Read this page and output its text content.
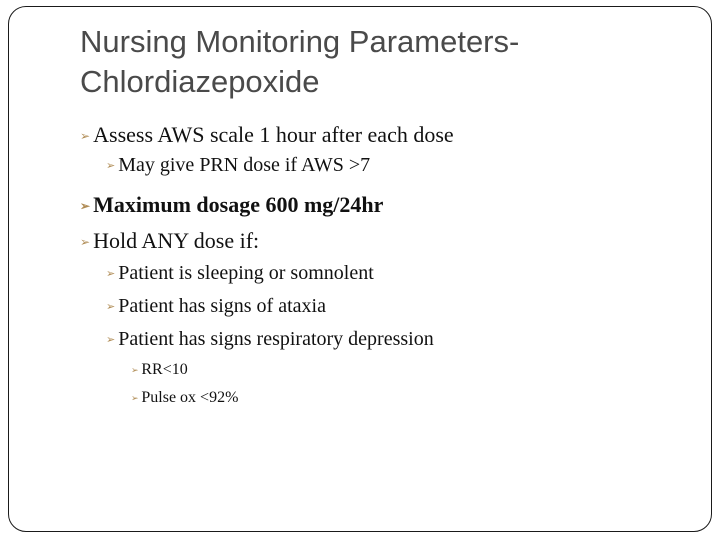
Nursing Monitoring Parameters-
Chlordiazepoxide
➢ Assess AWS scale 1 hour after each dose
➢ May give PRN dose if AWS >7
➢ Maximum dosage 600 mg/24hr
➢ Hold ANY dose if:
➢ Patient is sleeping or somnolent
➢ Patient has signs of ataxia
➢ Patient has signs respiratory depression
➢ RR<10
➢ Pulse ox <92%
